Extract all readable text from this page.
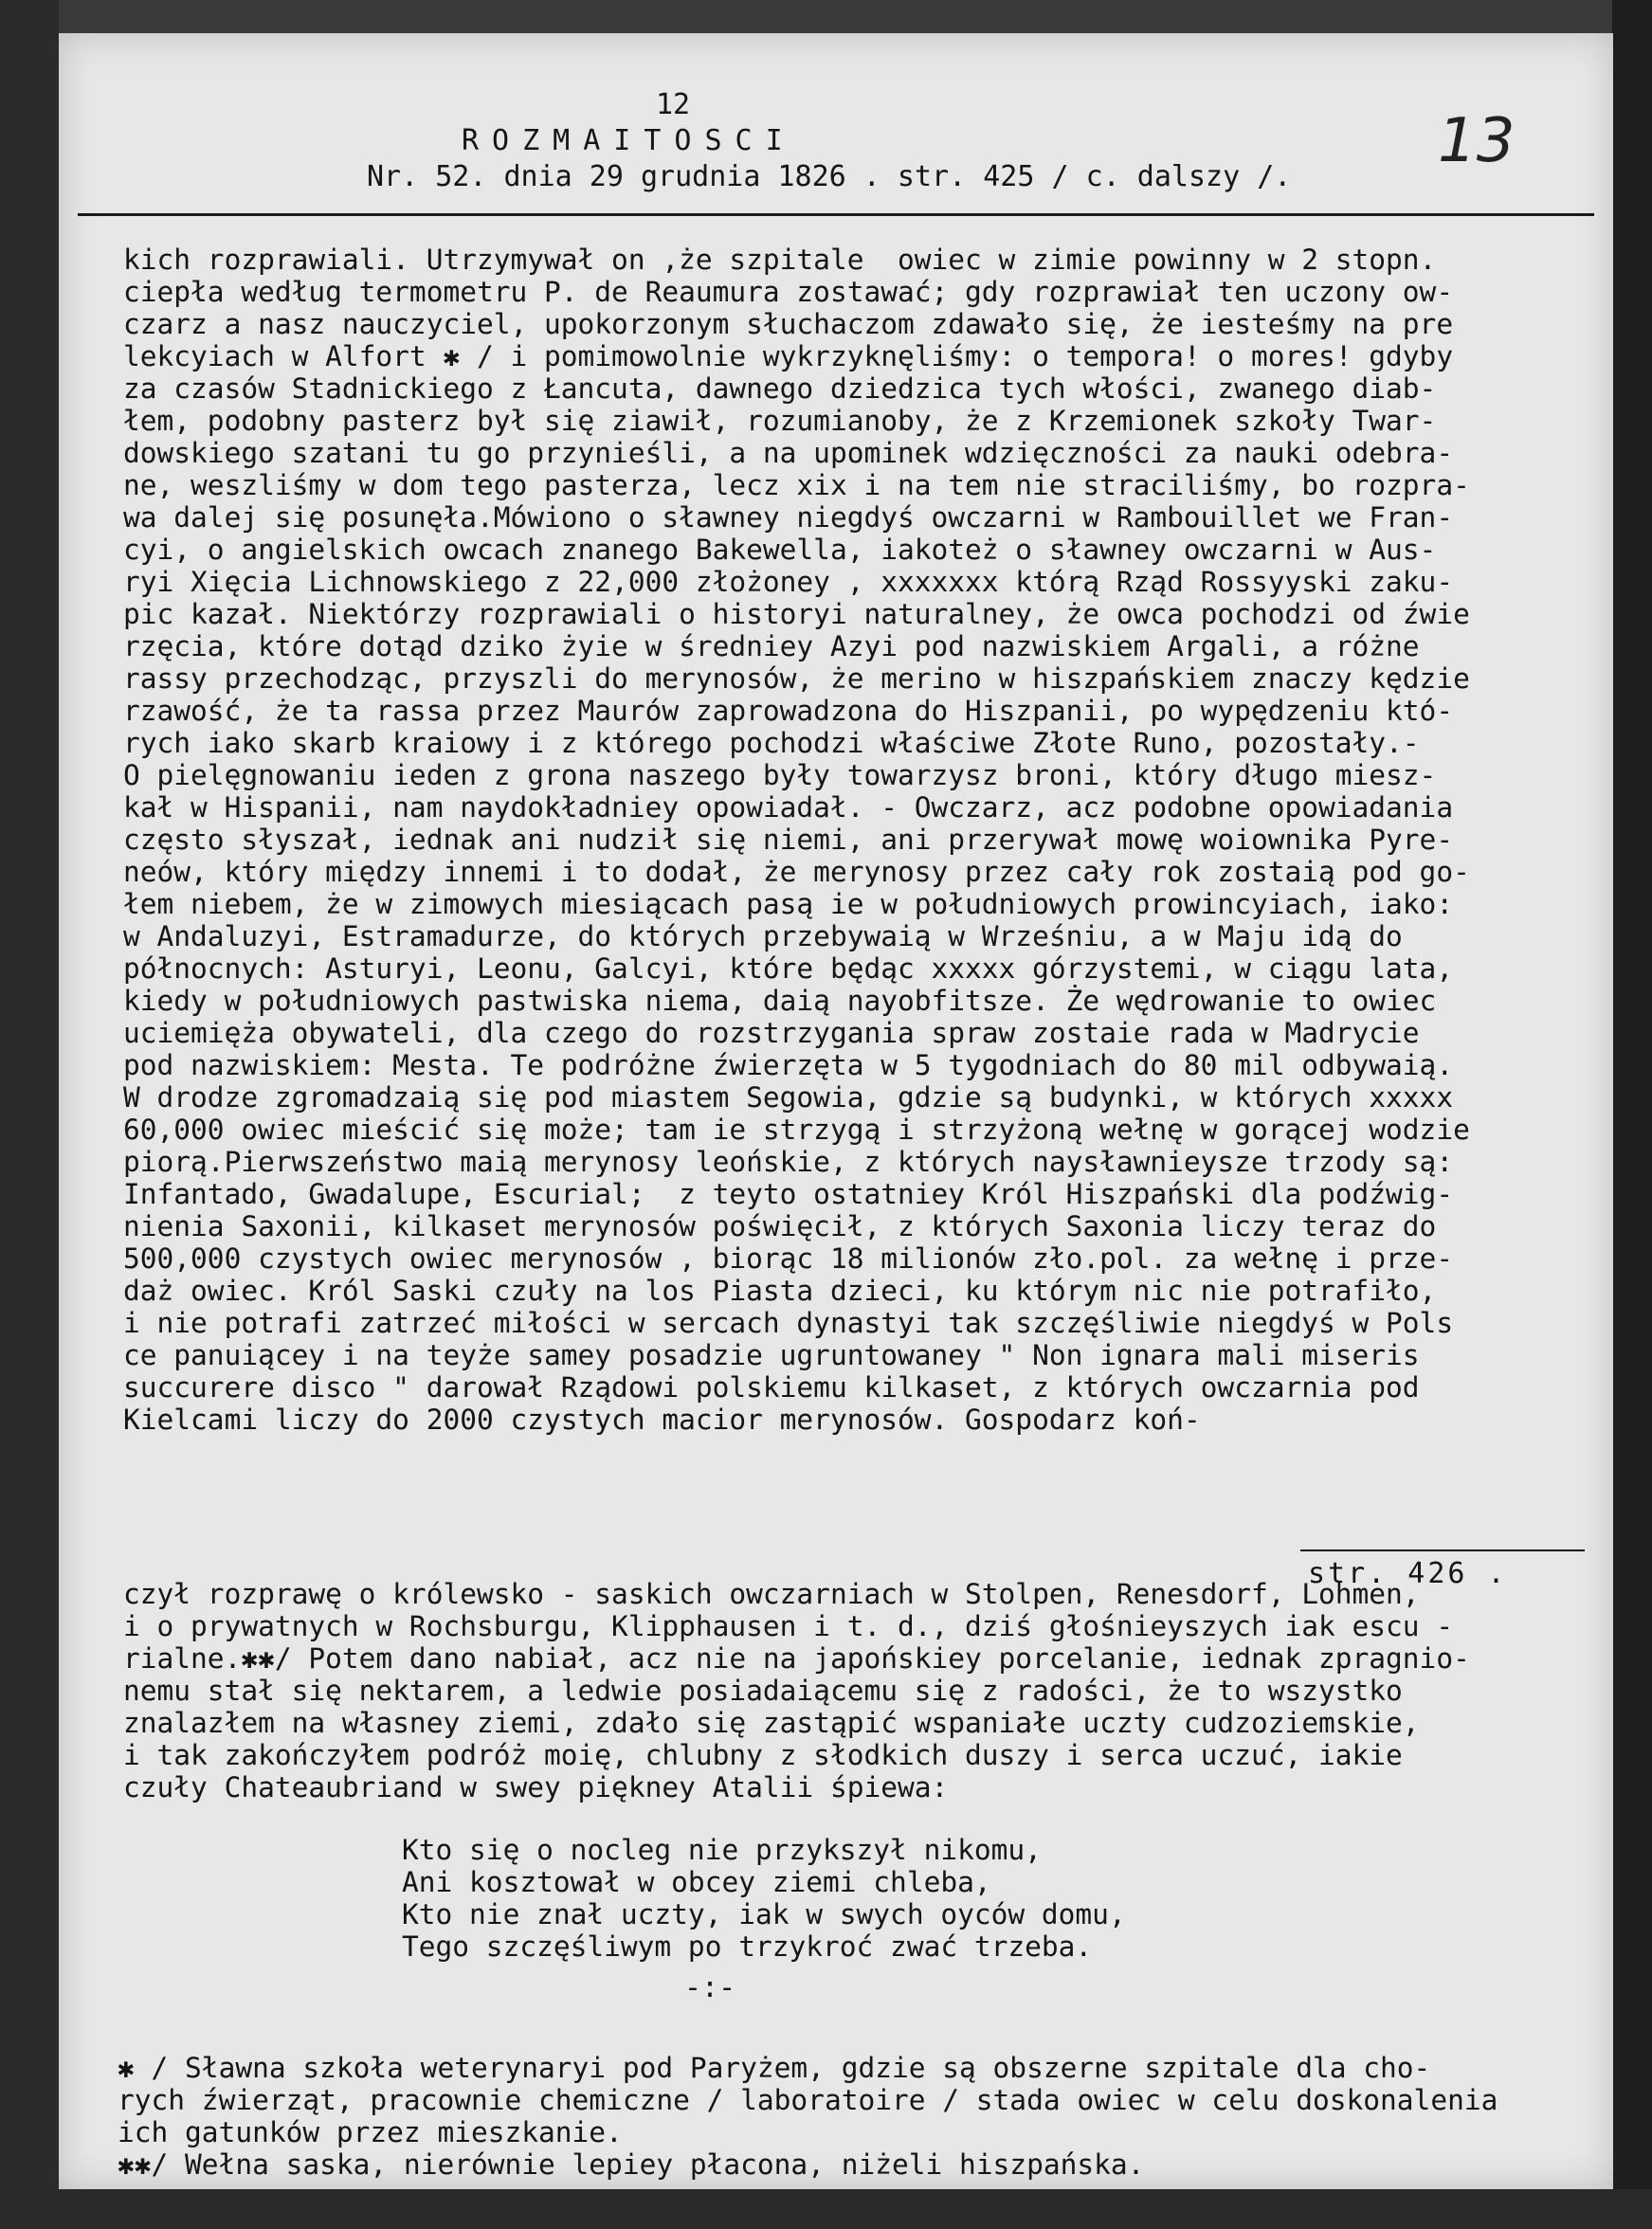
12
ROZMAITOSCI
Nr. 52. dnia 29 grudnia 1826 . str. 425 / c. dalszy /.
13
kich rozprawiali. Utrzymywał on ,że szpitale  owiec w zimie powinny w 2 stopn.
ciepła według termometru P. de Reaumura zostawać; gdy rozprawiał ten uczony ow-
czarz a nasz nauczyciel, upokorzonym słuchaczom zdawało się, że iesteśmy na pre
lekcyiach w Alfort ✱ / i pomimowolnie wykrzyknęliśmy: o tempora! o mores! gdyby
za czasów Stadnickiego z Łancuta, dawnego dziedzica tych włości, zwanego diab-
łem, podobny pasterz był się ziawił, rozumianoby, że z Krzemionek szkoły Twar-
dowskiego szatani tu go przynieśli, a na upominek wdzięczności za nauki odebra-
ne, weszliśmy w dom tego pasterza, lecz xix i na tem nie straciliśmy, bo rozpra-
wa dalej się posunęła.Mówiono o sławney niegdyś owczarni w Rambouillet we Fran-
cyi, o angielskich owcach znanego Bakewella, iakoteż o sławney owczarni w Aus-
ryi Xięcia Lichnowskiego z 22,000 złożoney , xxxxxxx którą Rząd Rossyyski zaku-
pic kazał. Niektórzy rozprawiali o historyi naturalney, że owca pochodzi od źwie
rzęcia, które dotąd dziko żyie w średniey Azyi pod nazwiskiem Argali, a różne
rassy przechodząc, przyszli do merynosów, że merino w hiszpańskiem znaczy kędzie
rzawość, że ta rassa przez Maurów zaprowadzona do Hiszpanii, po wypędzeniu któ-
rych iako skarb kraiowy i z którego pochodzi właściwe Złote Runo, pozostały.-
O pielęgnowaniu ieden z grona naszego były towarzysz broni, który długo miesz-
kał w Hispanii, nam naydokładniey opowiadał. - Owczarz, acz podobne opowiadania
często słyszał, iednak ani nudził się niemi, ani przerywał mowę woiownika Pyre-
neów, który między innemi i to dodał, że merynosy przez cały rok zostaią pod go-
łem niebem, że w zimowych miesiącach pasą ie w południowych prowincyiach, iako:
w Andaluzyi, Estramadurze, do których przebywaią w Wrześniu, a w Maju idą do
północnych: Asturyi, Leonu, Galcyi, które będąc xxxxx górzystemi, w ciągu lata,
kiedy w południowych pastwiska niema, daią nayobfitsze. Że wędrowanie to owiec
uciemięża obywateli, dla czego do rozstrzygania spraw zostaie rada w Madrycie
pod nazwiskiem: Mesta. Te podróżne źwierzęta w 5 tygodniach do 80 mil odbywaią.
W drodze zgromadzaią się pod miastem Segowia, gdzie są budynki, w których xxxxx
60,000 owiec mieścić się może; tam ie strzygą i strzyżoną wełnę w gorącej wodzie
piorą.Pierwszeństwo maią merynosy leońskie, z których naysławnieysze trzody są:
Infantado, Gwadalupe, Escurial;  z teyto ostatniey Król Hiszpański dla podźwig-
nienia Saxonii, kilkaset merynosów poświęcił, z których Saxonia liczy teraz do
500,000 czystych owiec merynosów , biorąc 18 milionów zło.pol. za wełnę i prze-
daż owiec. Król Saski czuły na los Piasta dzieci, ku którym nic nie potrafiło,
i nie potrafi zatrzeć miłości w sercach dynastyi tak szczęśliwie niegdyś w Pols
ce panuiącey i na teyże samey posadzie ugruntowaney " Non ignara mali miseris
succurere disco " darował Rządowi polskiemu kilkaset, z których owczarnia pod
Kielcami liczy do 2000 czystych macior merynosów. Gospodarz koń-
str. 426 .
czył rozprawę o królewsko - saskich owczarniach w Stolpen, Renesdorf, Lohmen,
i o prywatnych w Rochsburgu, Klipphausen i t. d., dziś głośnieyszych iak escu -
rialne.✱✱/ Potem dano nabiał, acz nie na japońskiey porcelanie, iednak zpragnio-
nemu stał się nektarem, a ledwie posiadaiącemu się z radości, że to wszystko
znalazłem na własney ziemi, zdało się zastąpić wspaniałe uczty cudzoziemskie,
i tak zakończyłem podróż moię, chlubny z słodkich duszy i serca uczuć, iakie
czuły Chateaubriand w swey piękney Atalii śpiewa:
Kto się o nocleg nie przykszył nikomu,
Ani kosztował w obcey ziemi chleba,
Kto nie znał uczty, iak w swych oyców domu,
Tego szczęśliwym po trzykroć zwać trzeba.
-:-
✱ / Sławna szkoła weterynaryi pod Paryżem, gdzie są obszerne szpitale dla cho-
rych źwierząt, pracownie chemiczne / laboratoire / stada owiec w celu doskonalenia
ich gatunków przez mieszkanie.
✱✱/ Wełna saska, nierównie lepiey płacona, niżeli hiszpańska.
